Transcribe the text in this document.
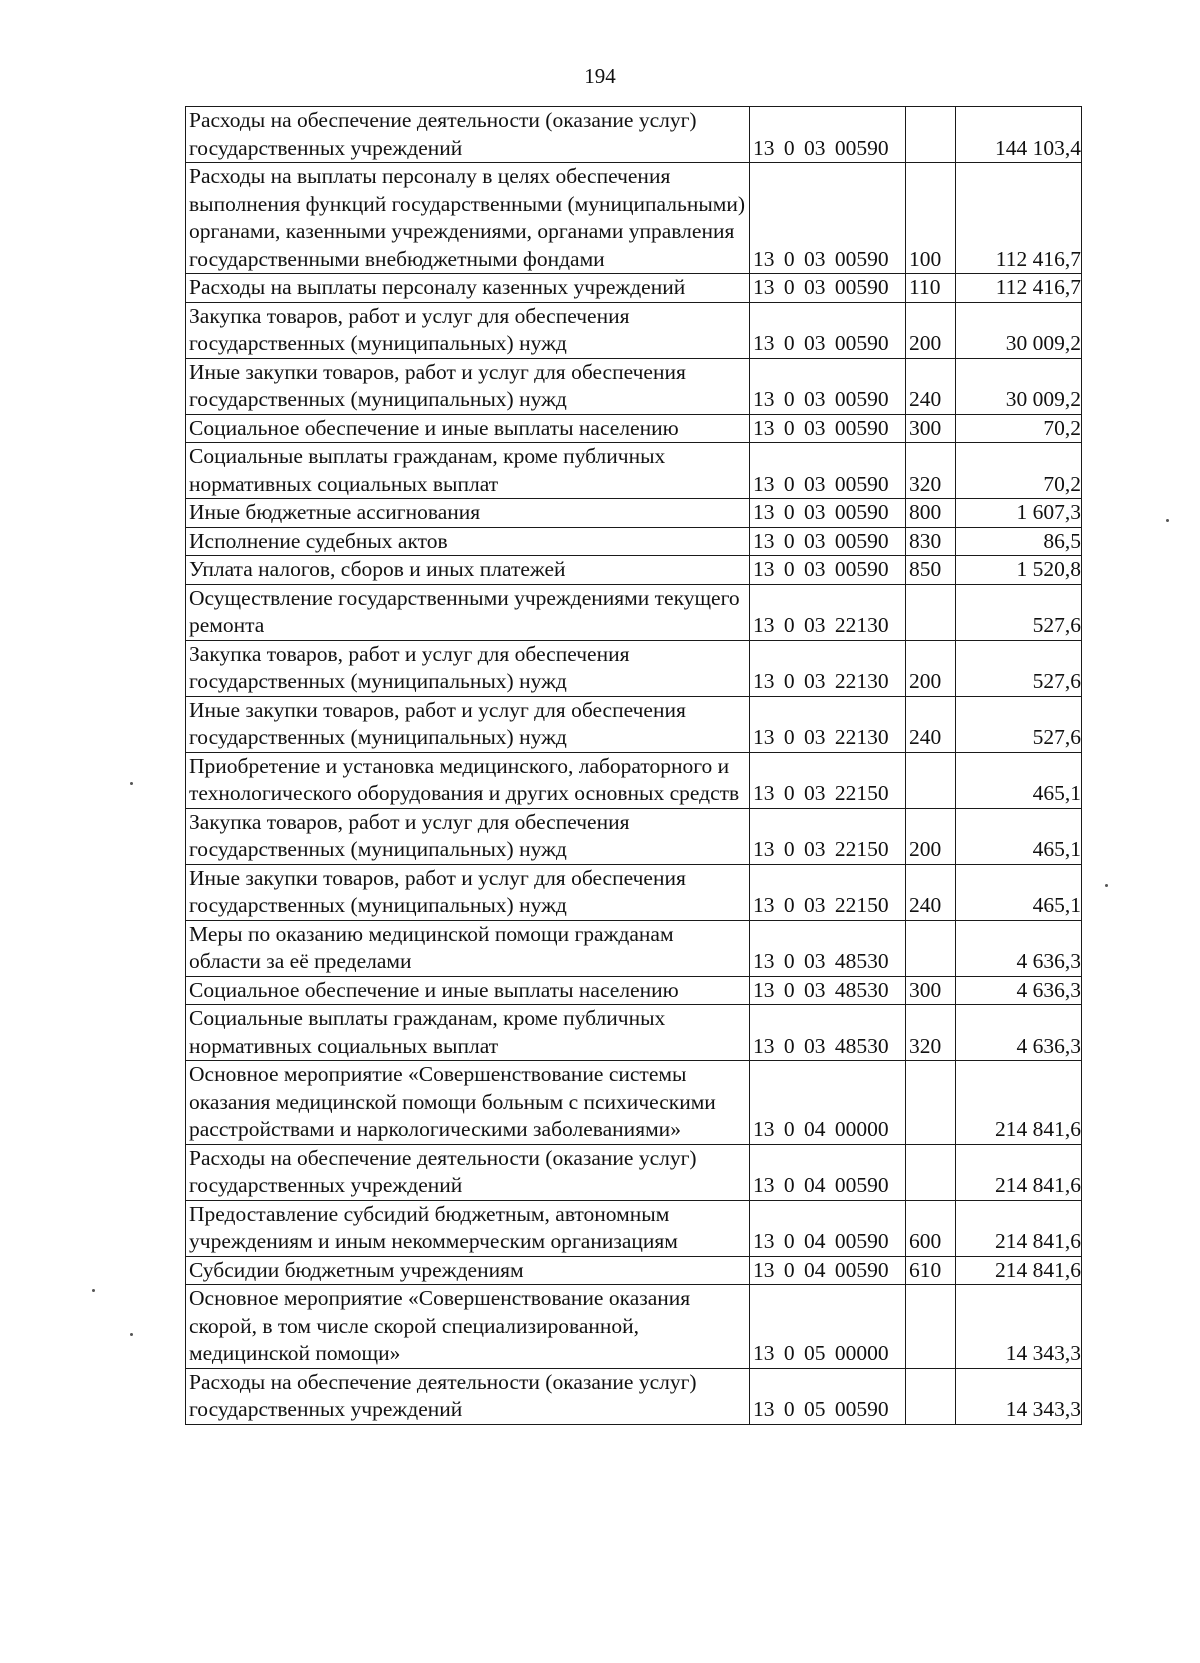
194
Расходы на обеспечение деятельности (оказание услуг) государственных учреждений	13 0 03 00590		144 103,4
Расходы на выплаты персоналу в целях обеспечения выполнения функций государственными (муниципальными) органами, казенными учреждениями, органами управления государственными внебюджетными фондами	13 0 03 00590	100	112 416,7
Расходы на выплаты персоналу казенных учреждений	13 0 03 00590	110	112 416,7
Закупка товаров, работ и услуг для обеспечения государственных (муниципальных) нужд	13 0 03 00590	200	30 009,2
Иные закупки товаров, работ и услуг для обеспечения государственных (муниципальных) нужд	13 0 03 00590	240	30 009,2
Социальное обеспечение и иные выплаты населению	13 0 03 00590	300	70,2
Социальные выплаты гражданам, кроме публичных нормативных социальных выплат	13 0 03 00590	320	70,2
Иные бюджетные ассигнования	13 0 03 00590	800	1 607,3
Исполнение судебных актов	13 0 03 00590	830	86,5
Уплата налогов, сборов и иных платежей	13 0 03 00590	850	1 520,8
Осуществление государственными учреждениями текущего ремонта	13 0 03 22130		527,6
Закупка товаров, работ и услуг для обеспечения государственных (муниципальных) нужд	13 0 03 22130	200	527,6
Иные закупки товаров, работ и услуг для обеспечения государственных (муниципальных) нужд	13 0 03 22130	240	527,6
Приобретение и установка медицинского, лабораторного и технологического оборудования и других основных средств	13 0 03 22150		465,1
Закупка товаров, работ и услуг для обеспечения государственных (муниципальных) нужд	13 0 03 22150	200	465,1
Иные закупки товаров, работ и услуг для обеспечения государственных (муниципальных) нужд	13 0 03 22150	240	465,1
Меры по оказанию медицинской помощи гражданам области за её пределами	13 0 03 48530		4 636,3
Социальное обеспечение и иные выплаты населению	13 0 03 48530	300	4 636,3
Социальные выплаты гражданам, кроме публичных нормативных социальных выплат	13 0 03 48530	320	4 636,3
Основное мероприятие «Совершенствование системы оказания медицинской помощи больным с психическими расстройствами и наркологическими заболеваниями»	13 0 04 00000		214 841,6
Расходы на обеспечение деятельности (оказание услуг) государственных учреждений	13 0 04 00590		214 841,6
Предоставление субсидий бюджетным, автономным учреждениям и иным некоммерческим организациям	13 0 04 00590	600	214 841,6
Субсидии бюджетным учреждениям	13 0 04 00590	610	214 841,6
Основное мероприятие «Совершенствование оказания скорой, в том числе скорой специализированной, медицинской помощи»	13 0 05 00000		14 343,3
Расходы на обеспечение деятельности (оказание услуг) государственных учреждений	13 0 05 00590		14 343,3
